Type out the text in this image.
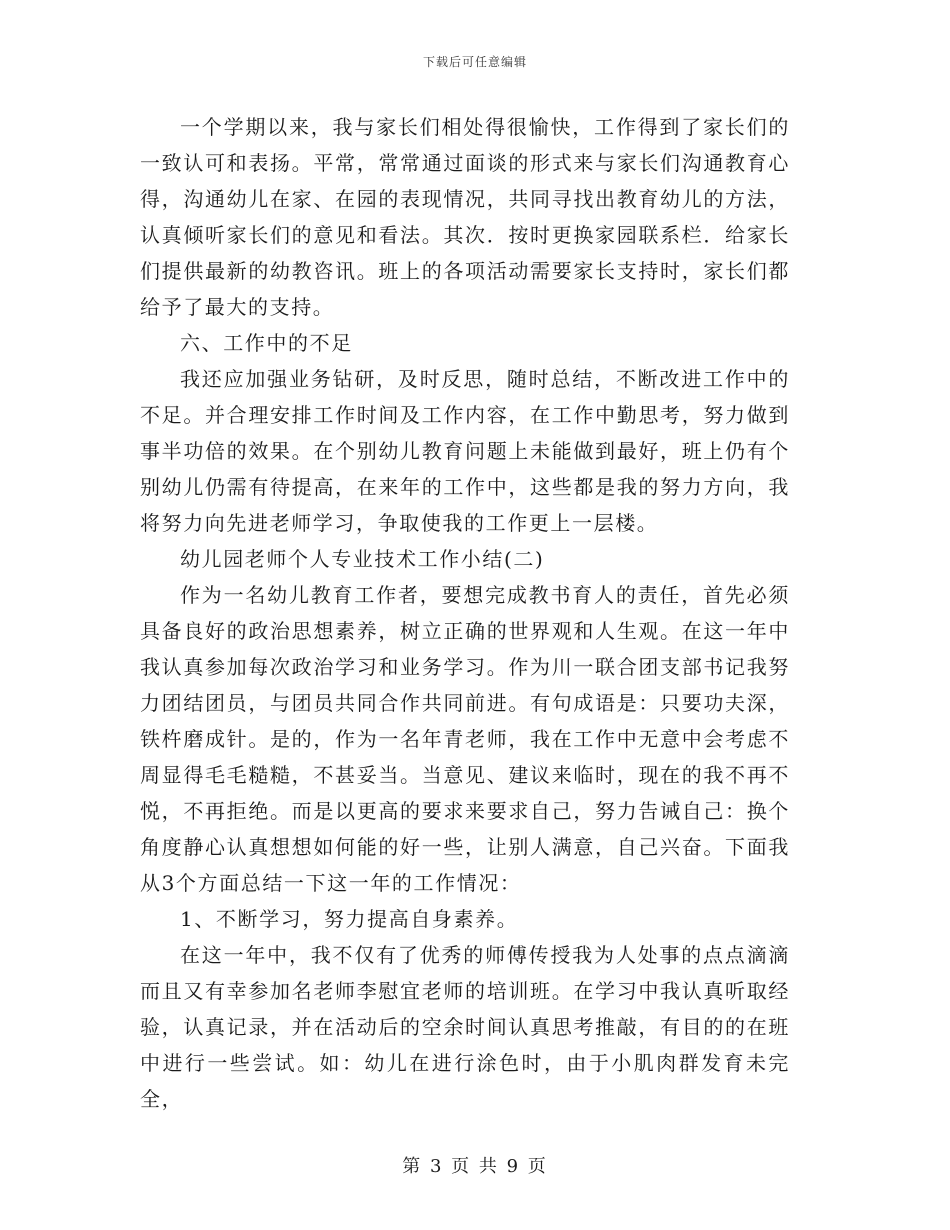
下载后可任意编辑

一个学期以来，我与家长们相处得很愉快，工作得到了家长们的一致认可和表扬。平常，常常通过面谈的形式来与家长们沟通教育心得，沟通幼儿在家、在园的表现情况，共同寻找出教育幼儿的方法，认真倾听家长们的意见和看法。其次．按时更换家园联系栏．给家长们提供最新的幼教咨讯。班上的各项活动需要家长支持时，家长们都给予了最大的支持。

六、工作中的不足

我还应加强业务钻研，及时反思，随时总结，不断改进工作中的不足。并合理安排工作时间及工作内容，在工作中勤思考，努力做到事半功倍的效果。在个别幼儿教育问题上未能做到最好，班上仍有个别幼儿仍需有待提高，在来年的工作中，这些都是我的努力方向，我将努力向先进老师学习，争取使我的工作更上一层楼。

幼儿园老师个人专业技术工作小结(二)

作为一名幼儿教育工作者，要想完成教书育人的责任，首先必须具备良好的政治思想素养，树立正确的世界观和人生观。在这一年中我认真参加每次政治学习和业务学习。作为川一联合团支部书记我努力团结团员，与团员共同合作共同前进。有句成语是：只要功夫深，铁杵磨成针。是的，作为一名年青老师，我在工作中无意中会考虑不周显得毛毛糙糙，不甚妥当。当意见、建议来临时，现在的我不再不悦，不再拒绝。而是以更高的要求来要求自己，努力告诫自己：换个角度静心认真想想如何能的好一些，让别人满意，自己兴奋。下面我从3个方面总结一下这一年的工作情况：

1、不断学习，努力提高自身素养。

在这一年中，我不仅有了优秀的师傅传授我为人处事的点点滴滴而且又有幸参加名老师李慰宜老师的培训班。在学习中我认真听取经验，认真记录，并在活动后的空余时间认真思考推敲，有目的的在班中进行一些尝试。如：幼儿在进行涂色时，由于小肌肉群发育未完全，

第 3 页 共 9 页
